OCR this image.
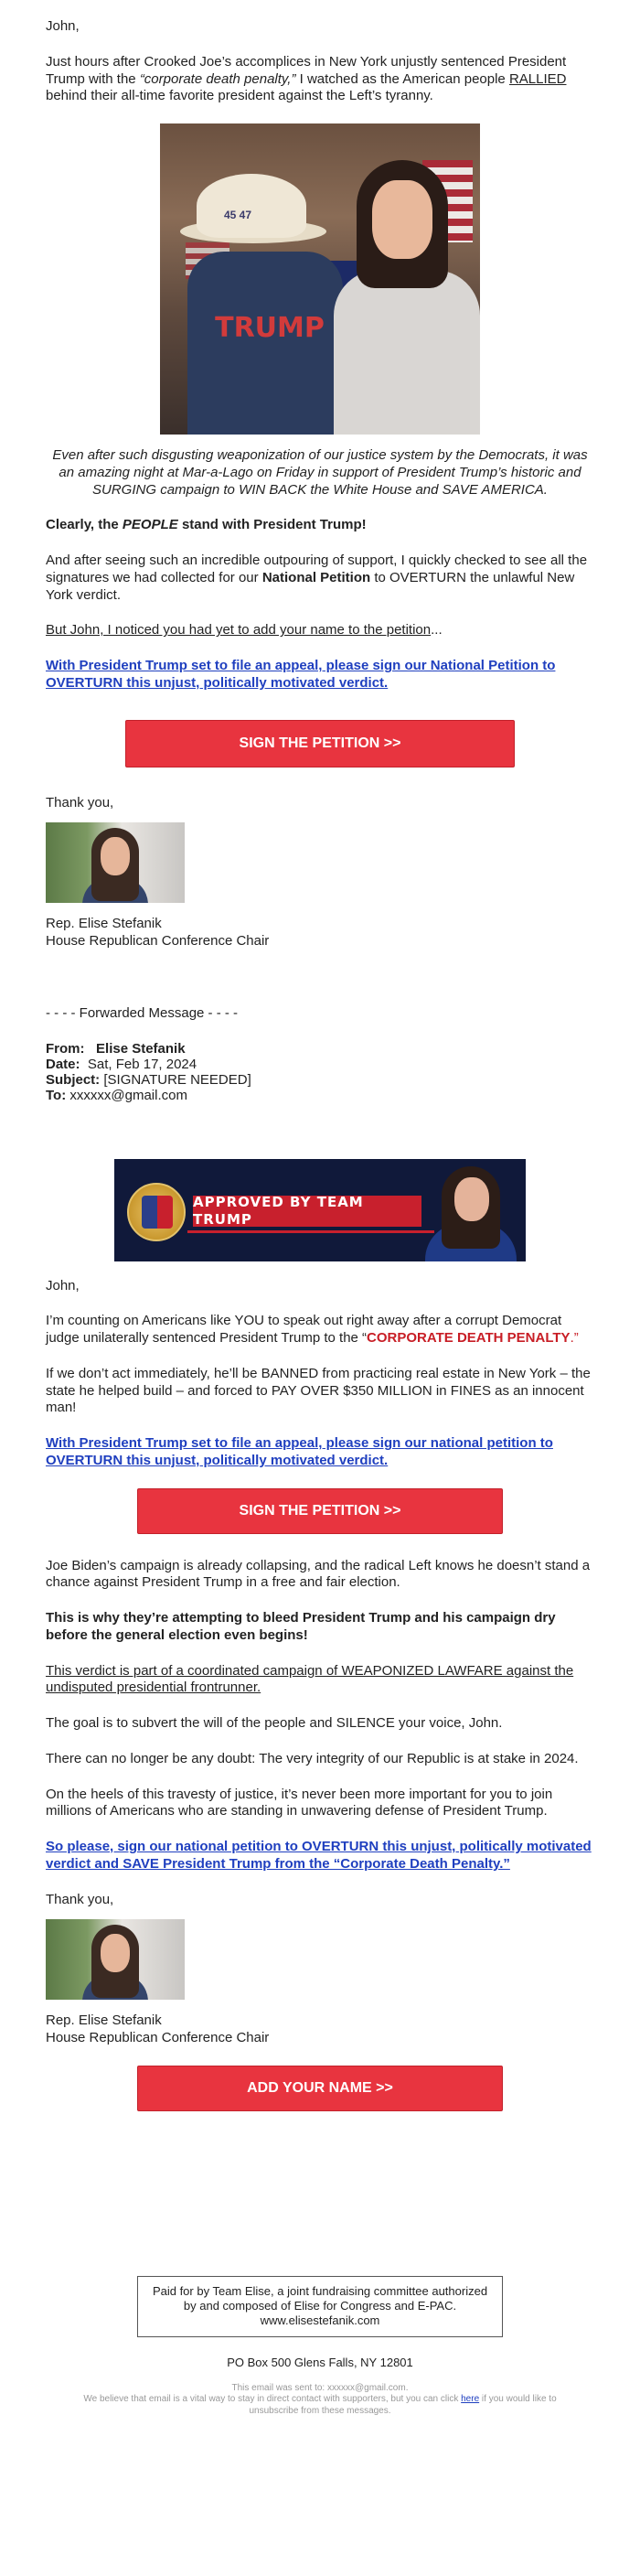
John,

Just hours after Crooked Joe’s accomplices in New York unjustly sentenced President Trump with the “corporate death penalty,” I watched as the American people RALLIED behind their all-time favorite president against the Left’s tyranny.

TRUMP
45 47

Even after such disgusting weaponization of our justice system by the Democrats, it was an amazing night at Mar-a-Lago on Friday in support of President Trump’s historic and SURGING campaign to WIN BACK the White House and SAVE AMERICA.

Clearly, the PEOPLE stand with President Trump!

And after seeing such an incredible outpouring of support, I quickly checked to see all the signatures we had collected for our National Petition to OVERTURN the unlawful New York verdict.

But John, I noticed you had yet to add your name to the petition...

With President Trump set to file an appeal, please sign our National Petition to OVERTURN this unjust, politically motivated verdict.

SIGN THE PETITION >>

Thank you,

Rep. Elise Stefanik

House Republican Conference Chair

- - - - Forwarded Message - - - -

From: Elise Stefanik
Date: Sat, Feb 17, 2024
Subject: [SIGNATURE NEEDED]
To: xxxxxx@gmail.com
APPROVED BY TEAM TRUMP

John,

I’m counting on Americans like YOU to speak out right away after a corrupt Democrat judge unilaterally sentenced President Trump to the “CORPORATE DEATH PENALTY.”

If we don’t act immediately, he’ll be BANNED from practicing real estate in New York – the state he helped build – and forced to PAY OVER $350 MILLION in FINES as an innocent man!

With President Trump set to file an appeal, please sign our national petition to OVERTURN this unjust, politically motivated verdict.

SIGN THE PETITION >>

Joe Biden’s campaign is already collapsing, and the radical Left knows he doesn’t stand a chance against President Trump in a free and fair election.

This is why they’re attempting to bleed President Trump and his campaign dry before the general election even begins!

This verdict is part of a coordinated campaign of WEAPONIZED LAWFARE against the undisputed presidential frontrunner.

The goal is to subvert the will of the people and SILENCE your voice, John.

There can no longer be any doubt: The very integrity of our Republic is at stake in 2024.

On the heels of this travesty of justice, it’s never been more important for you to join millions of Americans who are standing in unwavering defense of President Trump.

So please, sign our national petition to OVERTURN this unjust, politically motivated verdict and SAVE President Trump from the “Corporate Death Penalty.”

Thank you,

Rep. Elise Stefanik

House Republican Conference Chair

ADD YOUR NAME >>
Paid for by Team Elise, a joint fundraising committee authorized by and composed of Elise for Congress and E-PAC. www.elisestefanik.com

PO Box 500 Glens Falls, NY 12801

This email was sent to: xxxxxx@gmail.com.
We believe that email is a vital way to stay in direct contact with supporters, but you can click here if you would like to unsubscribe from these messages.
